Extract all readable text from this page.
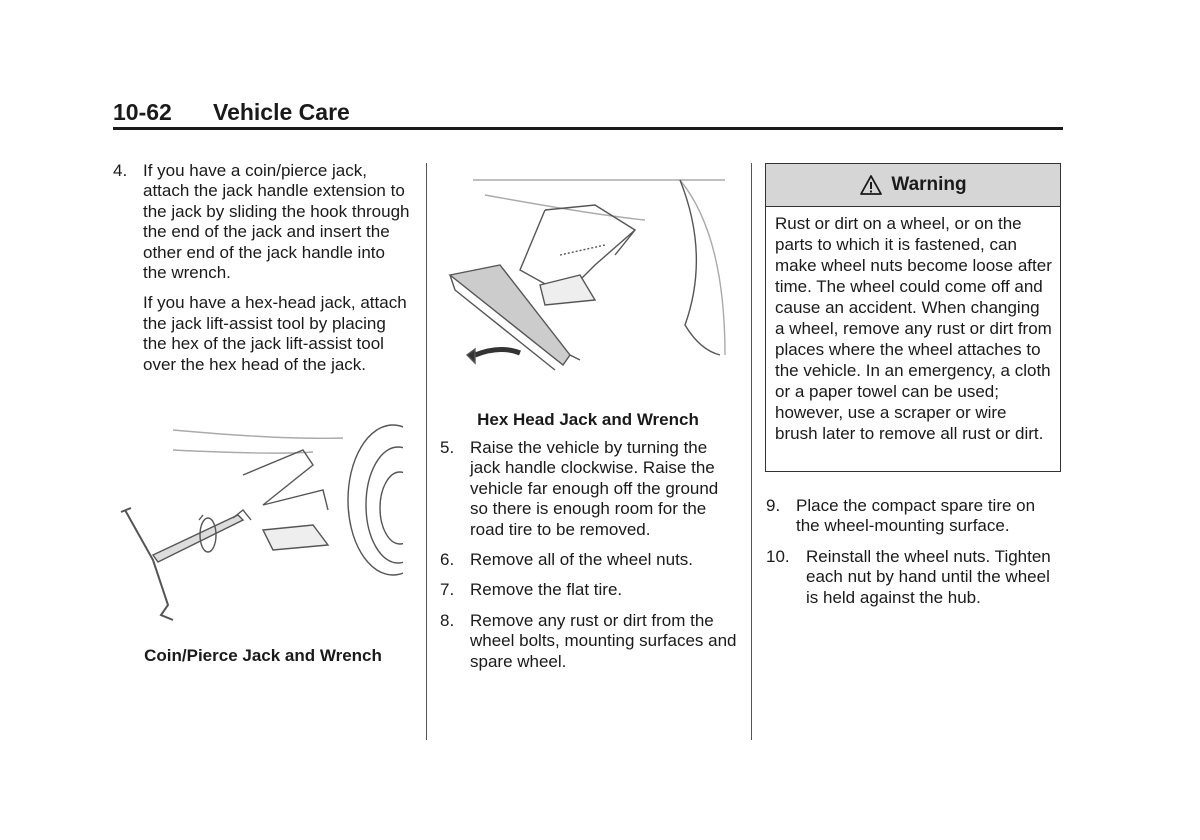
10-62 Vehicle Care
4. If you have a coin/pierce jack, attach the jack handle extension to the jack by sliding the hook through the end of the jack and insert the other end of the jack handle into the wrench.

If you have a hex-head jack, attach the jack lift-assist tool by placing the hex of the jack lift-assist tool over the hex head of the jack.

Coin/Pierce Jack and Wrench
Hex Head Jack and Wrench
5. Raise the vehicle by turning the jack handle clockwise. Raise the vehicle far enough off the ground so there is enough room for the road tire to be removed.
6. Remove all of the wheel nuts.
7. Remove the flat tire.
8. Remove any rust or dirt from the wheel bolts, mounting surfaces and spare wheel.
Warning
Rust or dirt on a wheel, or on the parts to which it is fastened, can make wheel nuts become loose after time. The wheel could come off and cause an accident. When changing a wheel, remove any rust or dirt from places where the wheel attaches to the vehicle. In an emergency, a cloth or a paper towel can be used; however, use a scraper or wire brush later to remove all rust or dirt.
9. Place the compact spare tire on the wheel-mounting surface.
10. Reinstall the wheel nuts. Tighten each nut by hand until the wheel is held against the hub.
